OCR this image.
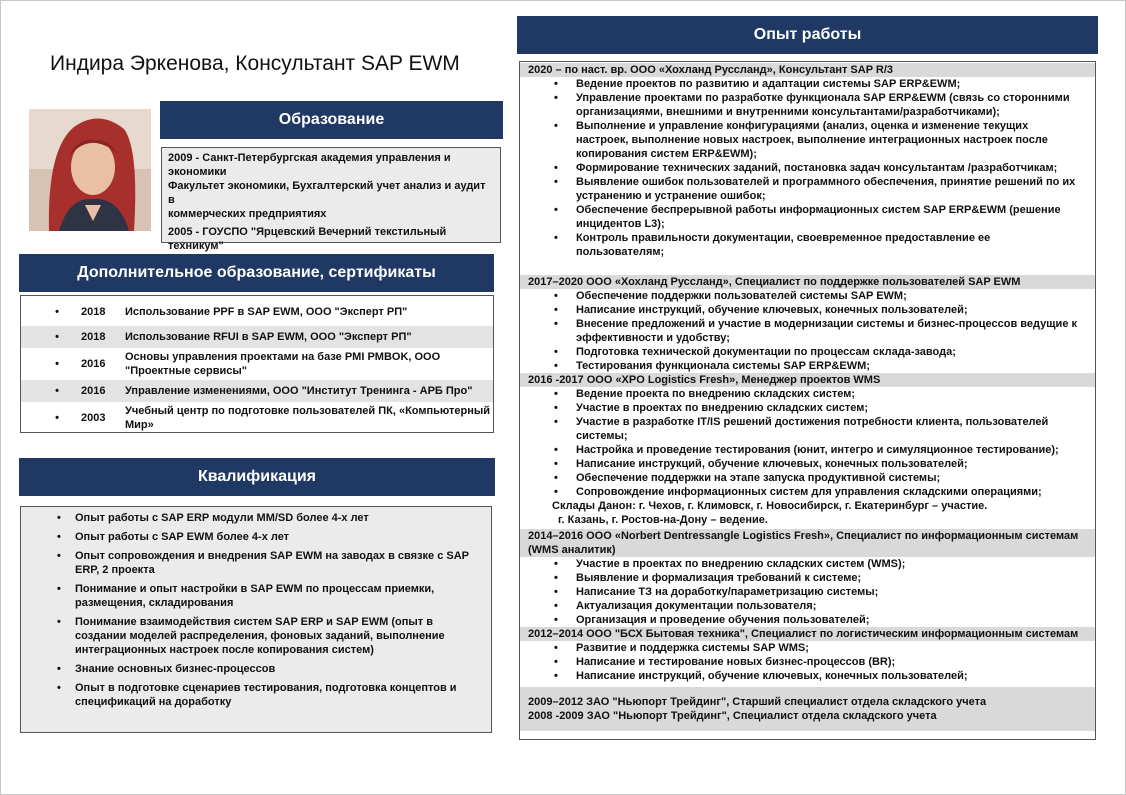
Индира Эркенова, Консультант SAP EWM
Образование
2009 - Санкт-Петербургская академия управления и
экономики
Факультет экономики, Бухгалтерский учет анализ и аудит в
коммерческих предприятиях
2005 - ГОУСПО "Ярцевский Вечерний текстильный техникум"
Дополнительное образование, сертификаты
•	2018	Использование PPF в SAP EWM, ООО "Эксперт РП"
•	2018	Использование RFUI в SAP EWM, ООО "Эксперт РП"
•	2016
Основы управления проектами на базе PMI PMBOK, ООО
"Проектные сервисы"
•	2016	Управление изменениями, ООО "Институт Тренинга - АРБ Про"
•	2003
Учебный центр по подготовке пользователей ПК, «Компьютерный
Мир»
Квалификация
• Опыт работы с SAP ERP модули MM/SD более 4-х лет
• Опыт работы с SAP EWM более 4-х лет
• Опыт сопровождения и внедрения SAP EWM на заводах в связке с SAP ERP, 2 проекта
• Понимание и опыт настройки в SAP EWM по процессам приемки, размещения, складирования
• Понимание взаимодействия систем SAP ERP и SAP EWM (опыт в создании моделей распределения, фоновых заданий, выполнение интеграционных настроек после копирования систем)
• Знание основных бизнес-процессов
• Опыт в подготовке сценариев тестирования, подготовка концептов и спецификаций на доработку
Опыт работы
2020 – по наст. вр. ООО «Хохланд Руссланд», Консультант SAP R/3
• Ведение проектов по развитию и адаптации системы SAP ERP&EWM;
• Управление проектами по разработке функционала SAP ERP&EWM (связь со сторонними организациями, внешними и внутренними консультантами/разработчиками);
• Выполнение и управление конфигурациями (анализ, оценка и изменение текущих настроек, выполнение новых настроек, выполнение интеграционных настроек после копирования систем ERP&EWM);
• Формирование технических заданий, постановка задач консультантам /разработчикам;
• Выявление ошибок пользователей и программного обеспечения, принятие решений по их устранению и устранение ошибок;
• Обеспечение беспрерывной работы информационных систем SAP ERP&EWM (решение инцидентов L3);
• Контроль правильности документации, своевременное предоставление ее пользователям;
2017–2020 ООО «Хохланд Руссланд», Специалист по поддержке пользователей SAP EWM
• Обеспечение поддержки пользователей системы SAP EWM;
• Написание инструкций, обучение ключевых, конечных пользователей;
• Внесение предложений и участие в модернизации системы и бизнес-процессов ведущие к эффективности и удобству;
• Подготовка технической документации по процессам склада-завода;
• Тестирования функционала системы SAP ERP&EWM;
2016 -2017 ООО «XPO Logistics Fresh», Менеджер проектов WMS
• Ведение проекта по внедрению складских систем;
• Участие в проектах по внедрению складских систем;
• Участие в разработке IT/IS решений достижения потребности клиента, пользователей системы;
• Настройка и проведение тестирования (юнит, интегро и симуляционное тестирование);
• Написание инструкций, обучение ключевых, конечных пользователей;
• Обеспечение поддержки на этапе запуска продуктивной системы;
• Сопровождение информационных систем для управления складскими операциями;
Склады Данон: г. Чехов, г. Климовск, г. Новосибирск, г. Екатеринбург – участие.
г. Казань, г. Ростов-на-Дону – ведение.
2014–2016 ООО «Norbert Dentressangle Logistics Fresh», Специалист по информационным системам (WMS аналитик)
• Участие в проектах по внедрению складских систем (WMS);
• Выявление и формализация требований к системе;
• Написание ТЗ на доработку/параметризацию системы;
• Актуализация документации пользователя;
• Организация и проведение обучения пользователей;
2012–2014 ООО "БСХ Бытовая техника", Специалист по логистическим информационным системам
• Развитие и поддержка системы SAP WMS;
• Написание и тестирование новых бизнес-процессов (BR);
• Написание инструкций, обучение ключевых, конечных пользователей;
2009–2012 ЗАО "Ньюпорт Трейдинг", Старший специалист отдела складского учета
2008 -2009 ЗАО "Ньюпорт Трейдинг", Специалист отдела складского учета
